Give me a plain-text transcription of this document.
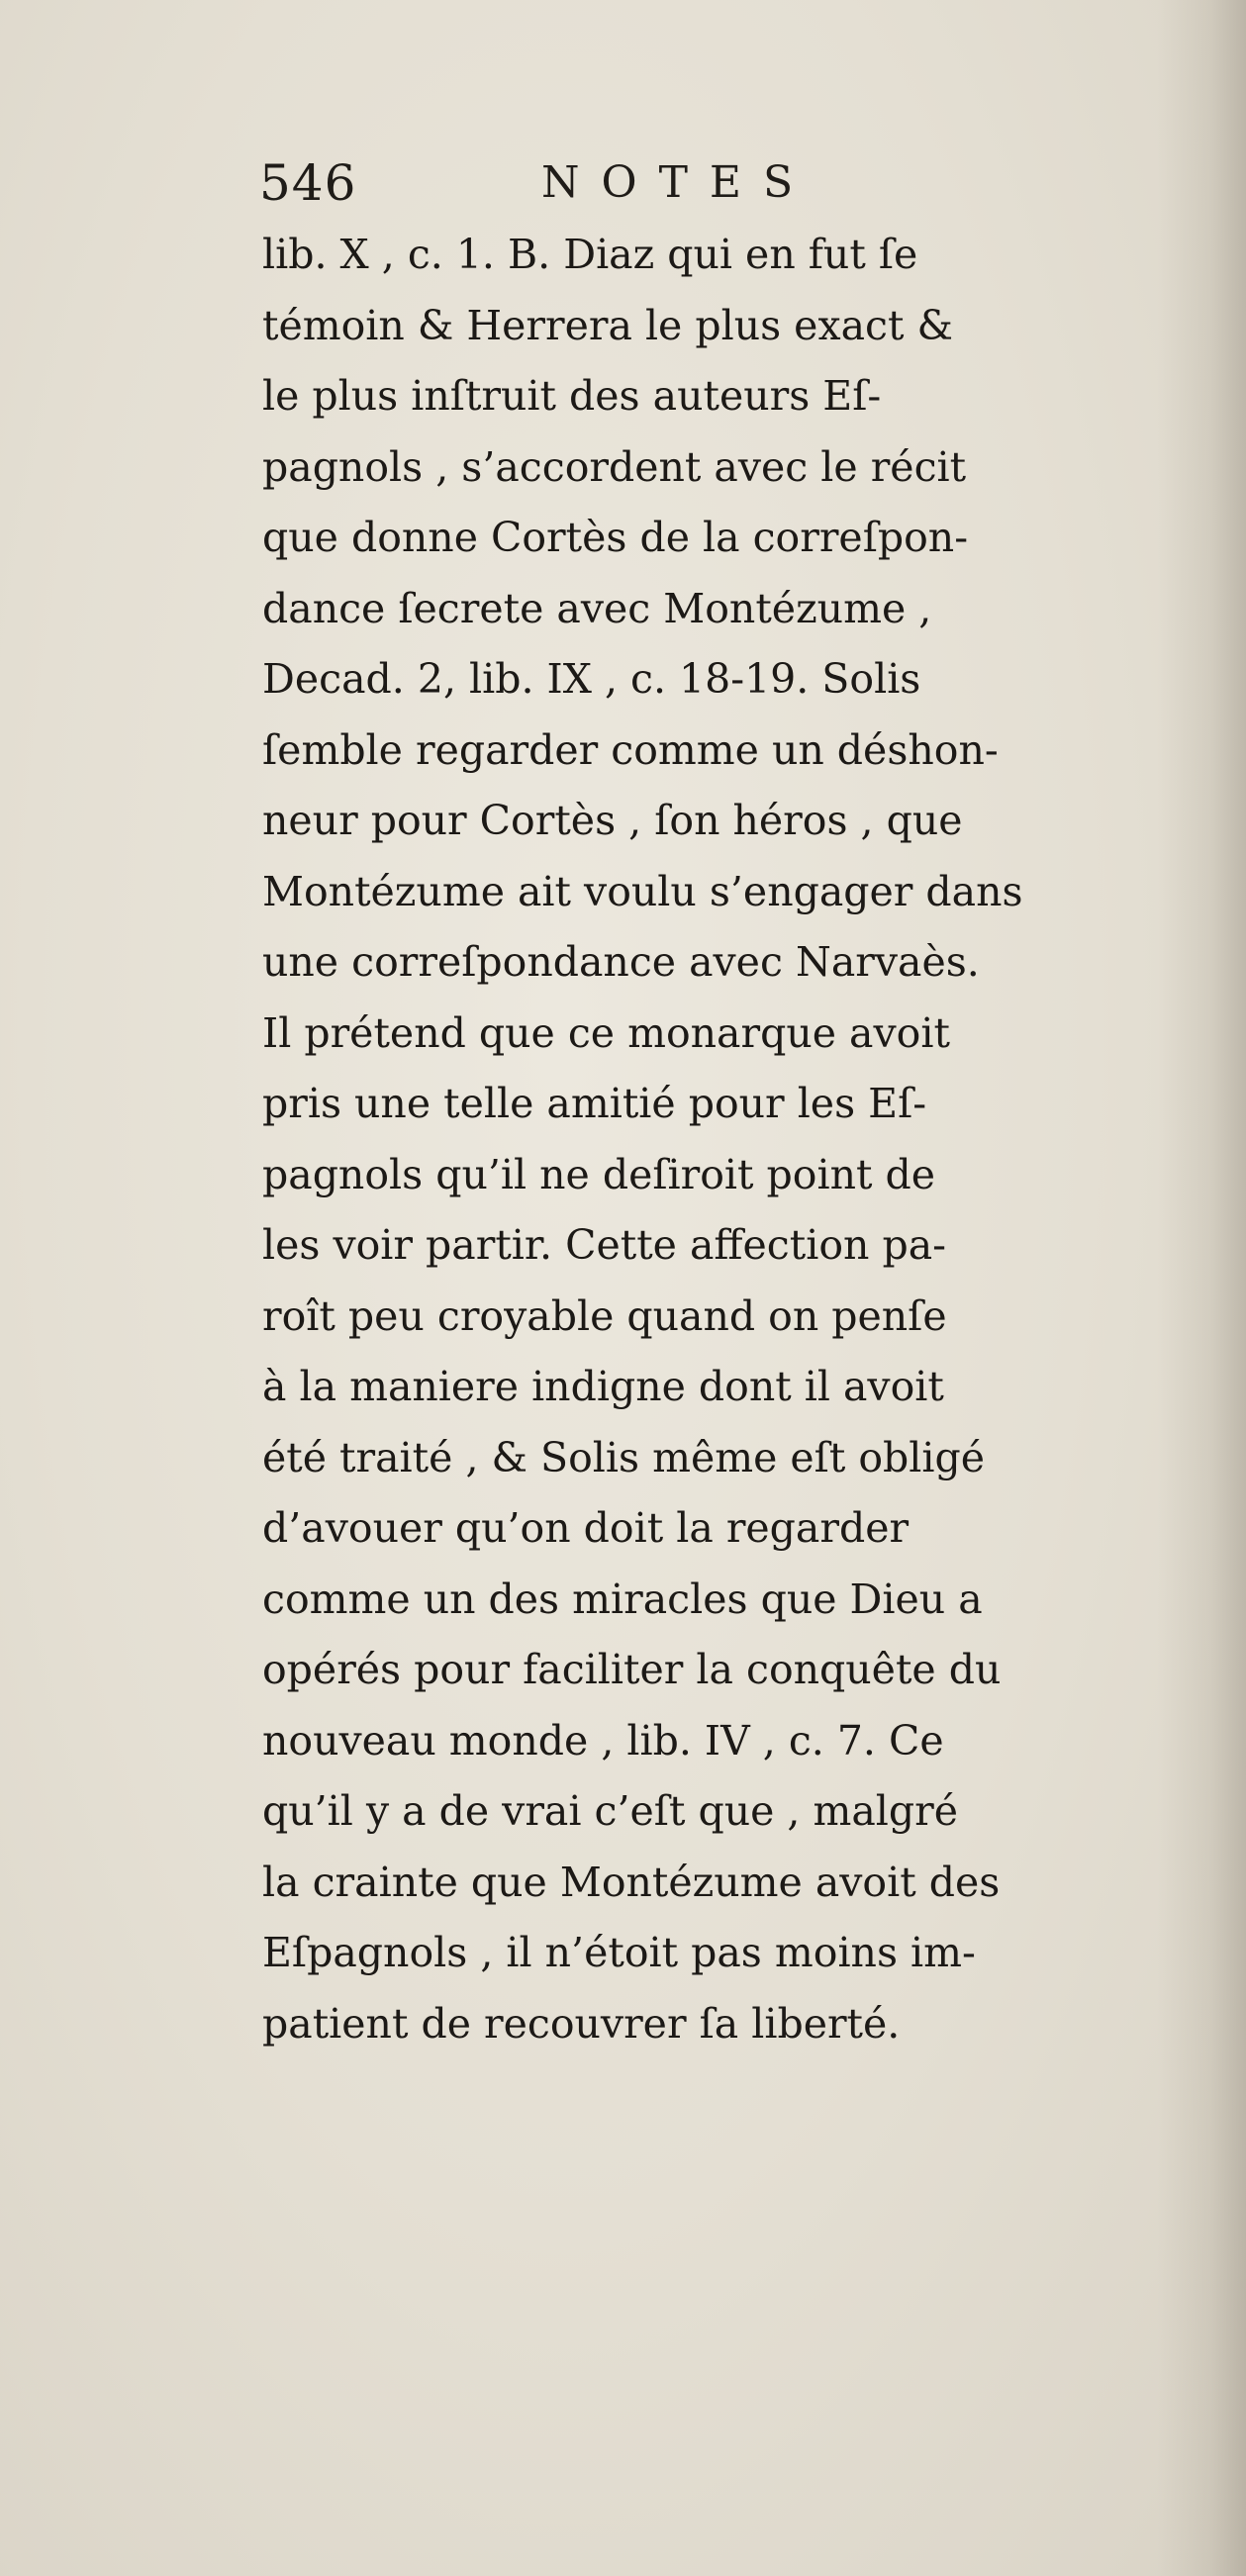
546	NOTES
lib. X , c. 1. B. Diaz qui en fut ſe
témoin & Herrera le plus exact &
le plus inſtruit des auteurs Eſ-
pagnols , s’accordent avec le récit
que donne Cortès de la correſpon-
dance ſecrete avec Montézume ,
Decad. 2, lib. IX , c. 18-19. Solis
ſemble regarder comme un déshon-
neur pour Cortès , ſon héros , que
Montézume ait voulu s’engager dans
une correſpondance avec Narvaès.
Il prétend que ce monarque avoit
pris une telle amitié pour les Eſ-
pagnols qu’il ne deſiroit point de
les voir partir. Cette affection pa-
roît peu croyable quand on penſe
à la maniere indigne dont il avoit
été traité , & Solis même eſt obligé
d’avouer qu’on doit la regarder
comme un des miracles que Dieu a
opérés pour faciliter la conquête du
nouveau monde , lib. IV , c. 7. Ce
qu’il y a de vrai c’eſt que , malgré
la crainte que Montézume avoit des
Eſpagnols , il n’étoit pas moins im-
patient de recouvrer ſa liberté.
